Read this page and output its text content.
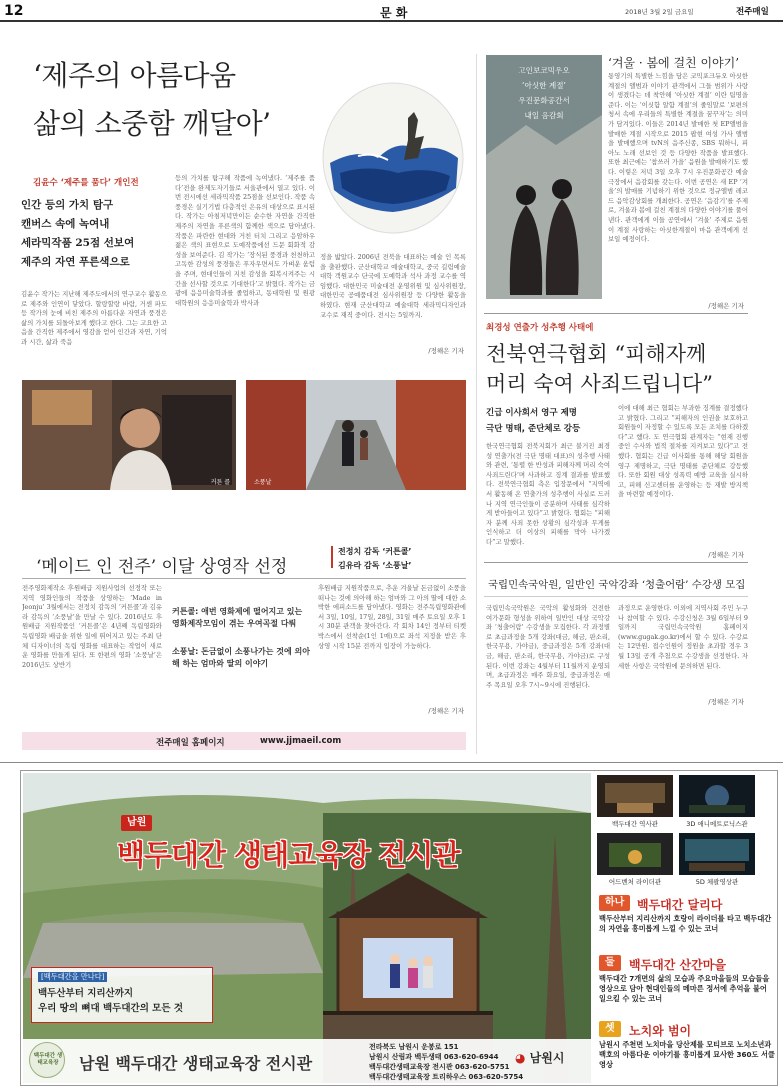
12	문 화	2018년 3월 2일 금요일	전주매일
‘제주의 아름다움
삶의 소중함 깨달아’
김윤수 ‘제주를 품다’ 개인전
인간 등의 가치 탐구
캔버스 속에 녹여내
세라믹작품 25점 선보여
제주의 자연 푸른색으로
김윤수 작가는 지난해 제주도에서의 연구교수 활동으로 제주와 인연이 닿았다. 할랑할랑 바람, 거센 파도 등 작가의 눈에 비친 제주의 아름다운 자연과 풍경은 삶의 가치를 되돌아보게 했다고 한다. 그는 고요한 고음을 간직한 제주에서 영감을 얻어 인간과 자연, 기억과 시간, 삶과 죽음
등의 가치를 탐구해 작품에 녹여냈다. ‘제주를 품다’전을 완제도자기들로 서울관에서 열고 있다. 이번 전시에선 세라믹작품 25점을 선보인다. 작품 속 풍경은 실기기법 다층적인 은유의 대상으로 표시된다. 작가는 아침저녁만이든 순수한 자연을 간직한 제주의 자연을 푸른색의 함께한 색으로 담아냈다. 작품은 파란한 현대와 거친 터치 그리고 응암하우 젊은 색의 표현으로 도예작품에선 드문 회화적 감성을 보여준다. 김 작가는 ‘장식된 풍경과 천천하고 고독한 감성의 풍경들은 푸자우면서도 가벼운 움텀을 주며, 현대인들이 지친 감성을 회복시켜주는 시간을 선사할 것으로 기대한다’고 밝혔다. 작가는 금광에 음응미술학과를 졸업하고, 동대학원 및 원광대학원의 응응미술학과 박사과
정을 밟았다. 2006년 전북을 대표하는 예술 인 목록을 출판했다. 군산대학교 예술대학교, 중국 길림예술대학 객원교수 단국에 도예학과 석사 과정 교수를 역임했다. 대한민국 미술대전 운영위원 및 심사위원장, 대한민국 공예품대전 심사위원장 등 다양한 활동을 하였다. 현재 군산대학교 예술대학 세라믹디자인과 교수로 재직 중이다. 전시는 5일까지.
/정해은 기자
커튼 콜	소풍날
‘메이드 인 전주’ 이달 상영작 선정
전정치 감독 ‘커튼콜’
김유라 감독 ‘소풍날’
전주영화제작소 후원배급 지원사업의 선정작 또는 지역 영화인들의 작품을 상영하는 ‘Made in Jeonju’ 3월에서는 전정치 감독의 ‘커튼콜’과 김유라 감독의 ‘소풍날’을 만날 수 있다. 2016년도 후원배급 지원작품인 ‘커튼콜’은 4년째 독립영화와 독립영화 배급을 위한 일에 뛰어지고 있는 주최 단체 디자이너의 독립 영화를 대표하는 작업이 새로운 영화를 만들게 된다. 또 한편의 영화 ‘소풍날’은 2016년도 상반기
커튼콜: 애번 영화제에 떨어지고 있는 영화제작모임이 겪는 우여곡절 다뤄
소풍날: 돈금없이 소풍나가는 것에 의아해 하는 엄마와 딸의 이야기
후원배급 지원작품으로, 추운 겨울날 돈금없이 소풍을 떠나는 것에 의아해 하는 엄마와 그 아의 딸에 대한 소박한 에피소드를 담아냈다. 영화는 전주독립영화관에서 3일, 10일, 17일, 28일, 31일 매주 토요일 오후 1시 30분 관객을 찾아간다. 각 회차 14인 정부터 티켓박스에서 선착순(1인 1매)으로 좌석 지정을 받은 후 상영 시작 15분 전까지 입장이 가능하다.
/정해은 기자
전주매일 홈페이지	www.jjmaeil.com
고인보코믹우오
‘아싯한 계절’
우진문화공간서
내일 음감회
‘겨울 · 봄에 걸친 이야기’
통영기의 특별한 느낌을 담은 코믹포크듀오 아싯한 계절의 앨범과 이야기 관객에서 그들 범위가 사랑이 생겼다는 데 착안해 ‘아싯한 계절’ 이란 팀명을 준다. 이는 ‘이싯함 알함 계절’의 줄임말로 ‘보편의 청서 속에 우리들의 특별한 계절을 꿈꾸자’는 의미가 담겨있다. 이들은 2014년 발매한 첫 EP앨범을 발매한 계절 시작으로 2015 팝현 여성 가사 앨범을 발매했으며 tvN의 음주신종, SBS 뭐하니, 피아노 노래 선보인 것 등 다양한 작품을 발표했다. 또한 최근에는 ‘참쓰러 가을’ 음원을 발매하기도 했다. 이렇은 저녁 3일 오후 7시 우진문화공간 예술극장에서 음감회를 갖는다. 이번 공연은 새 EP ‘겨울’의 발매를 기념하기 위한 것으로 정규앨범 레코드 음악감상회를 개최한다. 공연은 ‘음감기’를 주제로, 겨울과 봄에 걸친 계절의 다양한 이야기를 풀어낸다. 관객에게 이들 공연에서 ‘겨울’ 주제로 음원이 계절 사랑하는 아싯한계절이 마음 관객에게 선보일 예정이다.
/정해은 기자
최경성 연출가 성추행 사태에
전북연극협회 “피해자께
머리 숙여 사죄드립니다”
긴급 이사회서 영구 제명
극단 명태, 준단체로 강등
한국연극협회 전북지회가 최근 불거진 최경성 연출가(전 극단 명태 대표)의 성추행 사태와 관련, ‘통렬 한 반성과 피해자께 머리 숙여 사죄드린다’며 사과하고 징계 결과를 발표했다. 전북연극협회 측은 입장문에서 “지역에서 활동해 온 연출가의 성추행이 사실로 드러나 지역 연극인들이 공분하며 사태를 심각하게 받아들이고 있다”고 밝혔다. 협회는 “피해자 분께 사죄 못한 상황의 심각성과 무게를 인식하고 더 이상의 피해를 막아 나가겠다”고 말했다.
이에 대해 최근 협회는 부과한 징계를 결정했다고 밝혔다. 그리고 “피해자의 인권을 보호하고 회원들이 자정할 수 있도록 모든 조치를 다하겠다”고 했다. 도 연극협회 관계자는 “현재 진행 중인 수사와 법적 절차를 지켜보고 있다”고 전했다. 협회는 긴급 이사회를 통해 해당 회원을 영구 제명하고, 극단 명태를 준단체로 강등했다. 또한 회원 대상 성폭력 예방 교육을 실시하고, 피해 신고센터를 운영하는 등 재발 방지책을 마련할 예정이다.
/정해은 기자
국립민속국악원, 일반인 국악강좌 ‘청출어람’ 수강생 모집
국립민속국악원은 국악의 활성화와 건전한 여가문화 형성을 위하여 일반인 대상 국악강좌 ‘청출어람’ 수강생을 모집한다. 각 과정별로 초급과정을 5개 강좌(대금, 해금, 판소리, 한국무용, 가야금), 중급과정은 5개 강좌(대금, 해금, 판소리, 한국무용, 가야금)로 구성된다. 이번 강좌는 4월부터 11월까지 운영되며, 초급과정은 매주 화요일, 중급과정은 매주 목요일 오후 7시~9시에 진행된다.
과정으로 운영한다. 이외에 지역사회 주민 누구나 참여할 수 있다. 수강신청은 3월 6일부터 9일까지 국립민속국악원 홈페이지(www.gugak.go.kr)에서 할 수 있다. 수강료는 12만원. 접수인원이 정원을 초과할 경우 3월 13일 공개 추첨으로 수강생을 선정한다. 자세한 사항은 국악원에 문의하면 된다.
/정해은 기자
남원
백두대간 생태교육장 전시관
[백두대간을 만나다]
백두산부터 지리산까지
우리 땅의 뼈대 백두대간의 모든 것
백두대간 생태교육장	남원 백두대간 생태교육장 전시관
전라북도 남원시 운봉로 151
남원시 산림과 백두생태 063-620-6944
백두대간생태교육장 전시관 063-620-5751
백두대간생태교육장 트리하우스 063-620-5754
◕ 남원시
백두대간 역사관	3D 애니메트로닉스관
어드벤처 라이더관	5D 체괄영상관
하나	백두대간 달리다
백두산부터 지리산까지 호랑이 라이더를 타고 백두대간의 자연을 흥미롭게 느낄 수 있는 코너
둘	백두대간 산간마을
백두대간 7개면의 삶의 모습과 주요마을들의 모습들을 영상으로 담아 현대인들의 메마른 정서에 추억을 불어 일으킬 수 있는 코너
셋	노치와 범이
남원시 주천면 노치마을 당산제를 모티브로 노치소년과 백호의 아름다운 이야기를 흥미롭게 묘사한 360도 서클영상
